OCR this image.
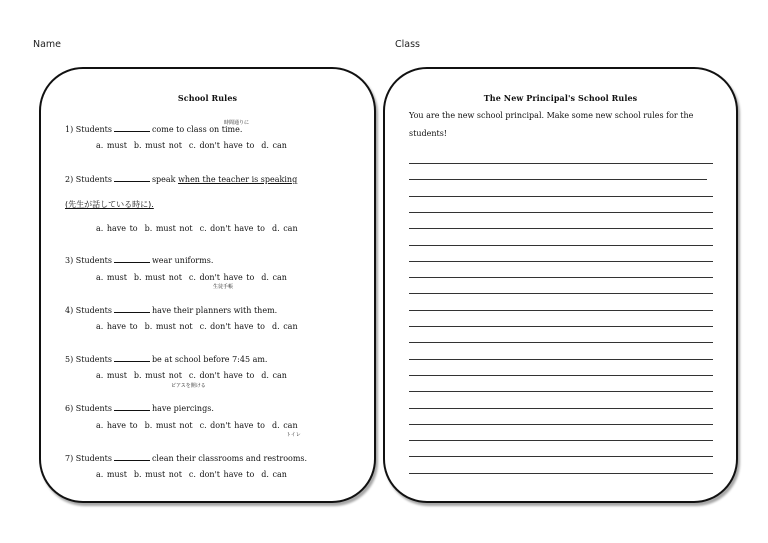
Name	Class
School Rules
時間通りに
1) Students	come to class on time.
a. must b. must not c. don't have to d. can
2) Students	speak when the teacher is speaking
(先生が話している時に).
a. have to b. must not c. don't have to d. can
3) Students	wear uniforms.
a. must b. must not c. don't have to d. can
生徒手帳
4) Students	have their planners with them.
a. have to b. must not c. don't have to d. can
5) Students	be at school before 7:45 am.
a. must b. must not c. don't have to d. can
ピアスを開ける
6) Students	have piercings.
a. have to b. must not c. don't have to d. can
トイレ
7) Students	clean their classrooms and restrooms.
a. must b. must not c. don't have to d. can
The New Principal's School Rules
You are the new school principal. Make some new school rules for the students!
